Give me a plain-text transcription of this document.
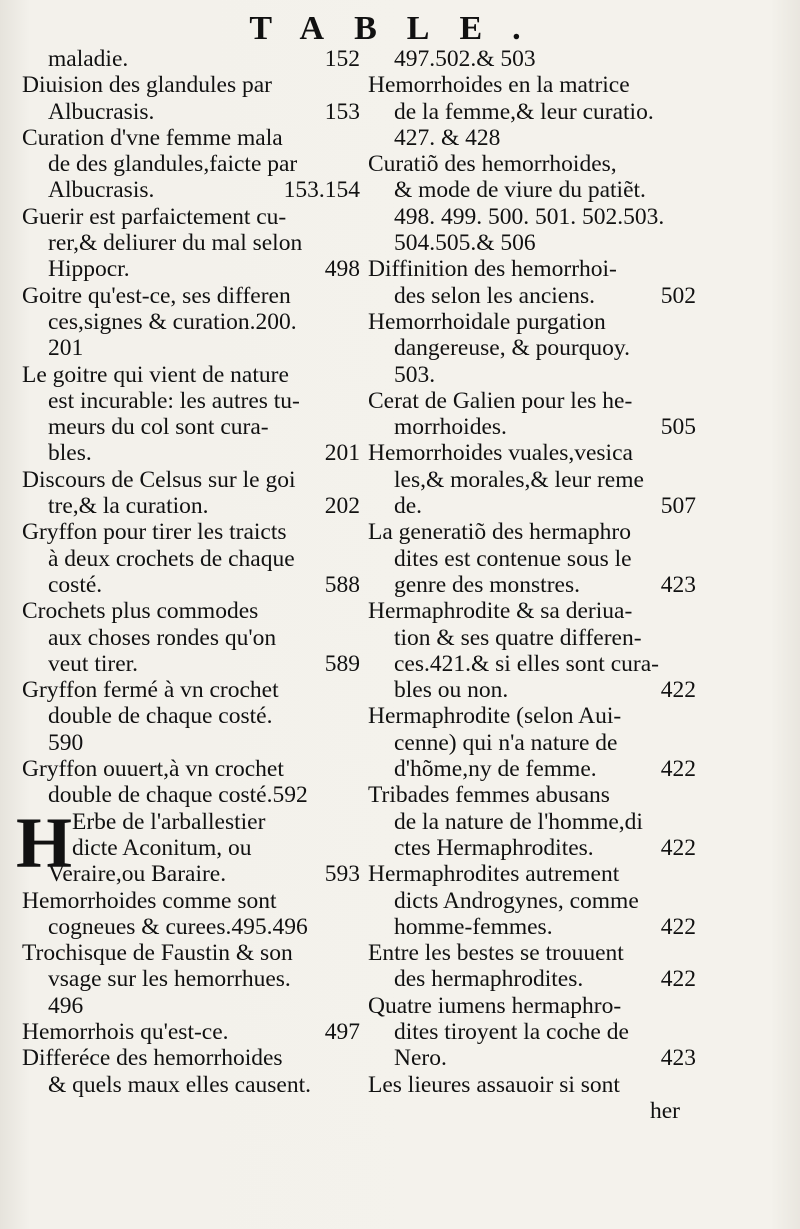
TABLE.
maladie.	152
Diuision des glandules par
Albucrasis.	153
Curation d'vne femme mala
de des glandules,faicte par
Albucrasis.	153.154
Guerir est parfaictement cu-
rer,& deliurer du mal selon
Hippocr.	498
Goitre qu'est-ce, ses differen
ces,signes & curation.200.
201
Le goitre qui vient de nature
est incurable: les autres tu-
meurs du col sont cura-
bles.	201
Discours de Celsus sur le goi
tre,& la curation.	202
Gryffon pour tirer les traicts
à deux crochets de chaque
costé.	588
Crochets plus commodes
aux choses rondes qu'on
veut tirer.	589
Gryffon fermé à vn crochet
double de chaque costé.
590
Gryffon ouuert,à vn crochet
double de chaque costé.592
H Erbe de l'arballestier
dicte Aconitum, ou
Veraire,ou Baraire.	593
Hemorrhoides comme sont
cogneues & curees.495.496
Trochisque de Faustin & son
vsage sur les hemorrhues.
496
Hemorrhois qu'est-ce.	497
Differéce des hemorrhoides
& quels maux elles causent.
497.502.& 503
Hemorrhoides en la matrice
de la femme,& leur curatio.
427. & 428
Curatiõ des hemorrhoides,
& mode de viure du patiẽt.
498. 499. 500. 501. 502.503.
504.505.& 506
Diffinition des hemorrhoi-
des selon les anciens.	502
Hemorrhoidale purgation
dangereuse, & pourquoy.
503.
Cerat de Galien pour les he-
morrhoides.	505
Hemorrhoides vuales,vesica
les,& morales,& leur reme
de.	507
La generatiõ des hermaphro
dites est contenue sous le
genre des monstres.	423
Hermaphrodite & sa deriua-
tion & ses quatre differen-
ces.421.& si elles sont cura-
bles ou non.	422
Hermaphrodite (selon Aui-
cenne) qui n'a nature de
d'hõme,ny de femme.	422
Tribades femmes abusans
de la nature de l'homme,di
ctes Hermaphrodites.	422
Hermaphrodites autrement
dicts Androgynes, comme
homme-femmes.	422
Entre les bestes se trouuent
des hermaphrodites.	422
Quatre iumens hermaphro-
dites tiroyent la coche de
Nero.	423
Les lieures assauoir si sont
her
